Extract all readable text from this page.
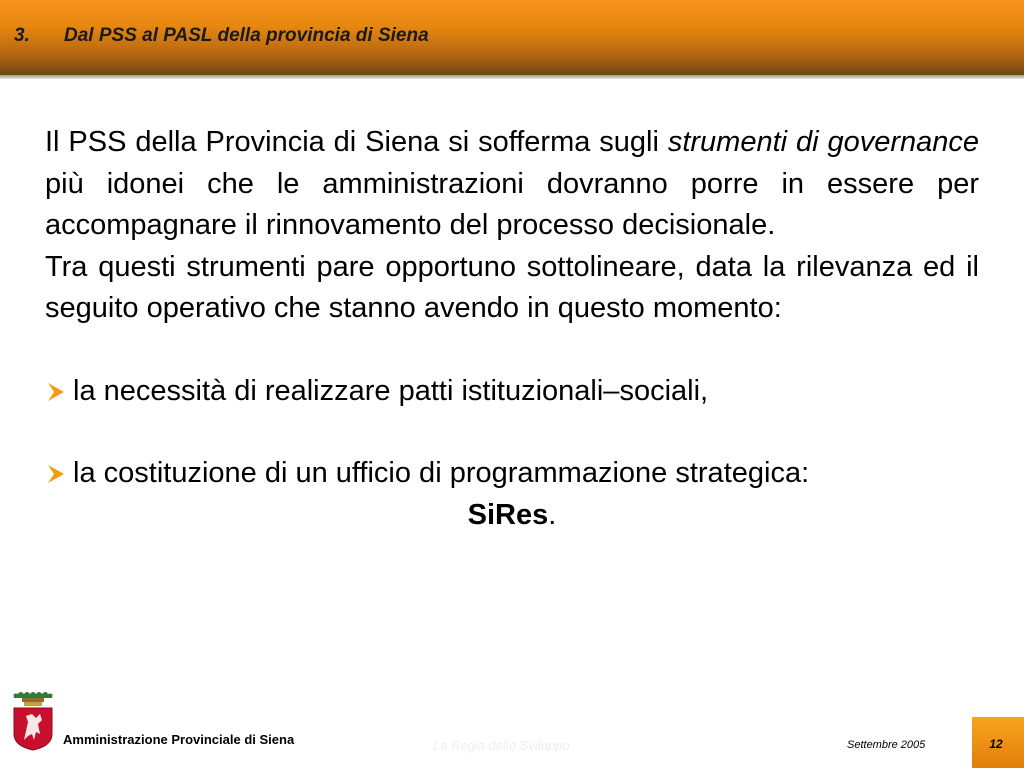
3. Dal PSS al PASL della provincia di Siena

Il PSS della Provincia di Siena si sofferma sugli strumenti di governance più idonei che le amministrazioni dovranno porre in essere per accompagnare il rinnovamento del processo decisionale.

Tra questi strumenti pare opportuno sottolineare, data la rilevanza ed il seguito operativo che stanno avendo in questo momento:

la necessità di realizzare patti istituzionali–sociali,

la costituzione di un ufficio di programmazione strategica:

SiRes.

Amministrazione Provinciale di Siena	La Regia dello Sviluppo	Settembre 2005	12
